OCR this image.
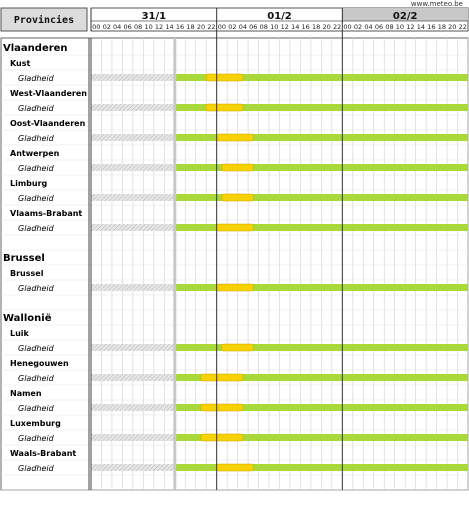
www.meteo.be
Provincies	31/1
00 02 04 06 08 10 12 14 16 18 20 22
01/2
00 02 04 06 08 10 12 14 16 18 20 22
02/2
00 02 04 06 08 10 12 14 16 18 20 22
Vlaanderen
Kust
Gladheid
West-Vlaanderen
Gladheid
Oost-Vlaanderen
Gladheid
Antwerpen
Gladheid
Limburg
Gladheid
Vlaams-Brabant
Gladheid
Brussel
Brussel
Gladheid
Wallonië
Luik
Gladheid
Henegouwen
Gladheid
Namen
Gladheid
Luxemburg
Gladheid
Waals-Brabant
Gladheid
